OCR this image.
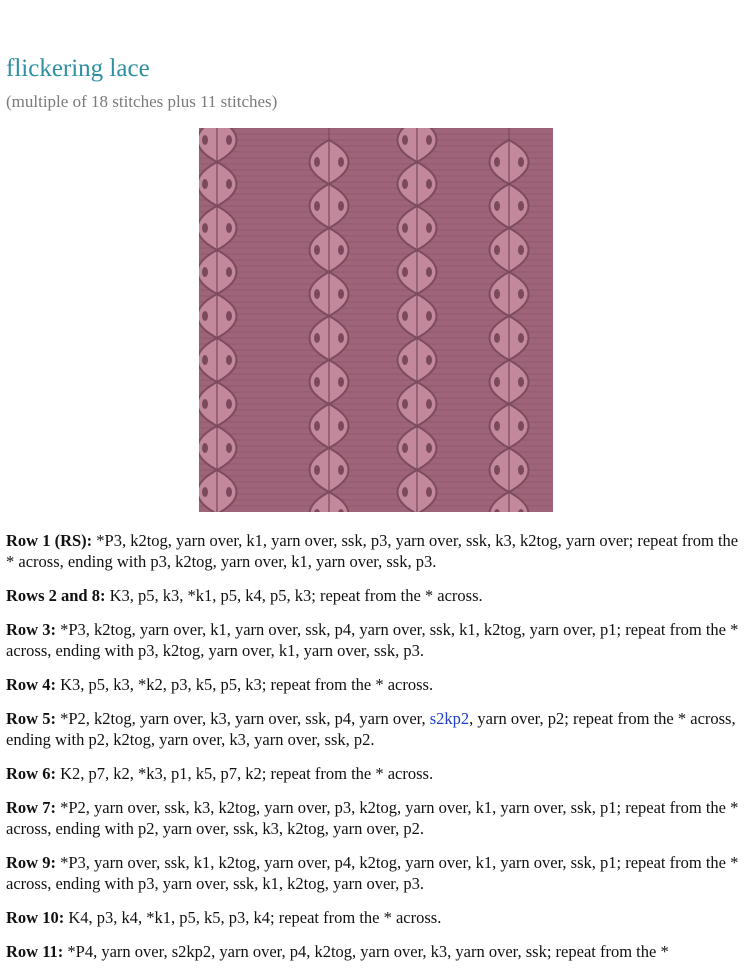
flickering lace
(multiple of 18 stitches plus 11 stitches)

Row 1 (RS): *P3, k2tog, yarn over, k1, yarn over, ssk, p3, yarn over, ssk, k3, k2tog, yarn over; repeat from the * across, ending with p3, k2tog, yarn over, k1, yarn over, ssk, p3.

Rows 2 and 8: K3, p5, k3, *k1, p5, k4, p5, k3; repeat from the * across.

Row 3: *P3, k2tog, yarn over, k1, yarn over, ssk, p4, yarn over, ssk, k1, k2tog, yarn over, p1; repeat from the * across, ending with p3, k2tog, yarn over, k1, yarn over, ssk, p3.

Row 4: K3, p5, k3, *k2, p3, k5, p5, k3; repeat from the * across.

Row 5: *P2, k2tog, yarn over, k3, yarn over, ssk, p4, yarn over, s2kp2, yarn over, p2; repeat from the * across, ending with p2, k2tog, yarn over, k3, yarn over, ssk, p2.

Row 6: K2, p7, k2, *k3, p1, k5, p7, k2; repeat from the * across.

Row 7: *P2, yarn over, ssk, k3, k2tog, yarn over, p3, k2tog, yarn over, k1, yarn over, ssk, p1; repeat from the * across, ending with p2, yarn over, ssk, k3, k2tog, yarn over, p2.

Row 9: *P3, yarn over, ssk, k1, k2tog, yarn over, p4, k2tog, yarn over, k1, yarn over, ssk, p1; repeat from the * across, ending with p3, yarn over, ssk, k1, k2tog, yarn over, p3.

Row 10: K4, p3, k4, *k1, p5, k5, p3, k4; repeat from the * across.

Row 11: *P4, yarn over, s2kp2, yarn over, p4, k2tog, yarn over, k3, yarn over, ssk; repeat from the *
